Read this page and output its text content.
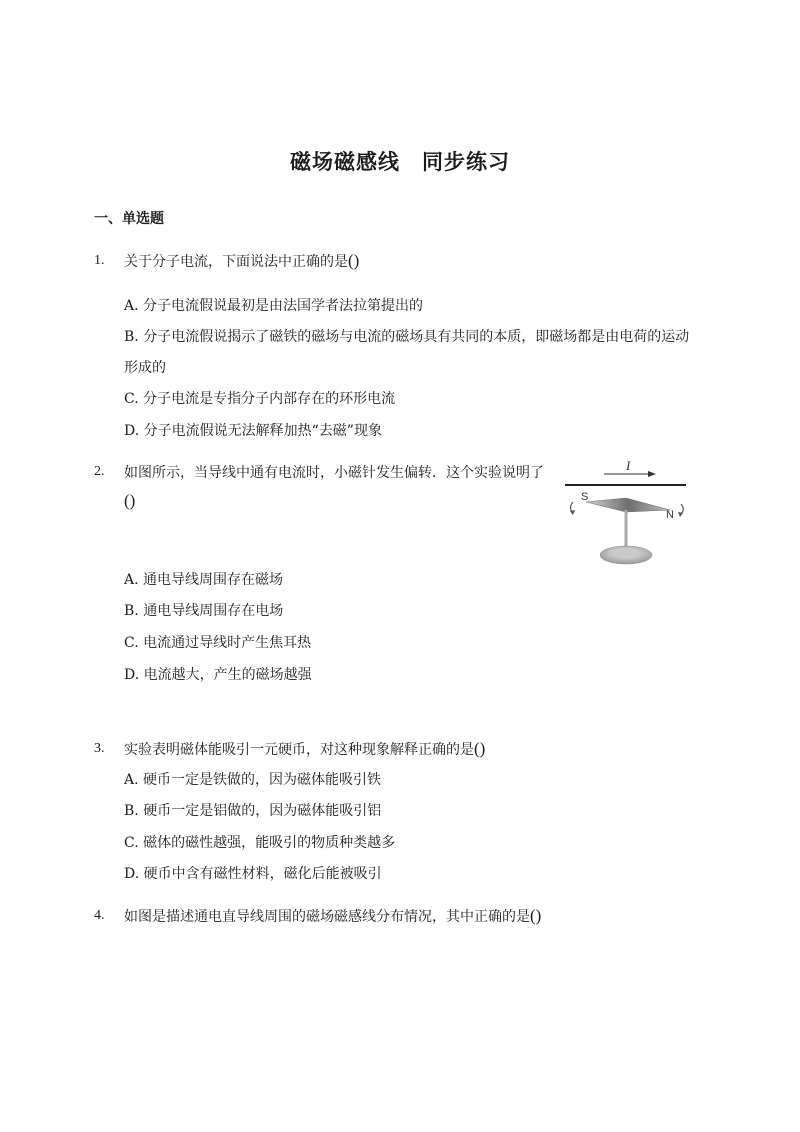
磁场磁感线　同步练习
一、单选题
1. 关于分子电流，下面说法中正确的是()
A. 分子电流假说最初是由法国学者法拉第提出的
B. 分子电流假说揭示了磁铁的磁场与电流的磁场具有共同的本质，即磁场都是由电荷的运动
形成的
C. 分子电流是专指分子内部存在的环形电流
D. 分子电流假说无法解释加热“去磁”现象
2. 如图所示，当导线中通有电流时，小磁针发生偏转．这个实验说明了
()
I
S
N
A. 通电导线周围存在磁场
B. 通电导线周围存在电场
C. 电流通过导线时产生焦耳热
D. 电流越大，产生的磁场越强
3. 实验表明磁体能吸引一元硬币，对这种现象解释正确的是()
A. 硬币一定是铁做的，因为磁体能吸引铁
B. 硬币一定是铝做的，因为磁体能吸引铝
C. 磁体的磁性越强，能吸引的物质种类越多
D. 硬币中含有磁性材料，磁化后能被吸引
4. 如图是描述通电直导线周围的磁场磁感线分布情况，其中正确的是()
